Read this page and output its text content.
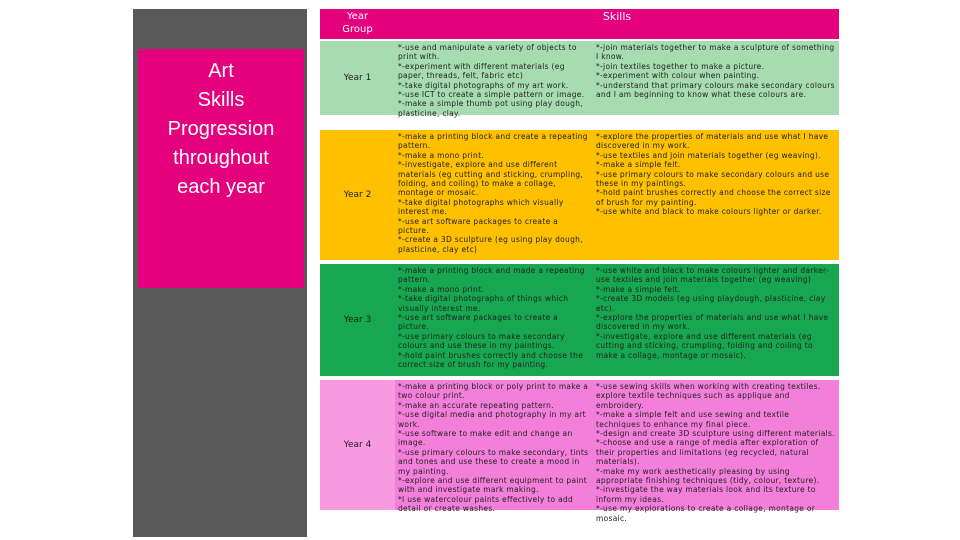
Art
Skills
Progression
throughout
each year
Year
Group
Skills
Year 1
*-use and manipulate a variety of objects to print with.
*-experiment with different materials (eg paper, threads, felt, fabric etc)
*-take digital photographs of my art work.
*-use ICT to create a simple pattern or image.
*-make a simple thumb pot using play dough, plasticine, clay.
*-join materials together to make a sculpture of something I know.
*-join textiles together to make a picture.
*-experiment with colour when painting.
*-understand that primary colours make secondary colours and I am beginning to know what these colours are.
Year 2
*-make a printing block and create a repeating pattern.
*-make a mono print.
*-investigate, explore and use different materials (eg cutting and sticking, crumpling, folding, and coiling) to make a collage, montage or mosaic.
*-take digital photographs which visually interest me.
*-use art software packages to create a picture.
*-create a 3D sculpture (eg using play dough, plasticine, clay etc)
*-explore the properties of materials and use what I have discovered in my work.
*-use textiles and join materials together (eg weaving).
*-make a simple felt.
*-use primary colours to make secondary colours and use these in my paintings.
*-hold paint brushes correctly and choose the correct size of brush for my painting.
*-use white and black to make colours lighter or darker.
Year 3
*-make a printing block and made a repeating pattern.
*-make a mono print.
*-take digital photographs of things which visually interest me.
*-use art software packages to create a picture.
*-use primary colours to make secondary colours and use these in my paintings.
*-hold paint brushes correctly and choose the correct size of brush for my painting.
*-use white and black to make colours lighter and darker-use textiles and join materials together (eg weaving)
*-make a simple felt.
*-create 3D models (eg using playdough, plasticine, clay etc).
*-explore the properties of materials and use what I have discovered in my work.
*-investigate, explore and use different materials (eg cutting and sticking, crumpling, folding and coiling to make a collage, montage or mosaic).
Year 4
*-make a printing block or poly print to make a two colour print.
*-make an accurate repeating pattern.
*-use digital media and photography in my art work.
*-use software to make edit and change an image.
*-use primary colours to make secondary, tints and tones and use these to create a mood in my painting.
*-explore and use different equipment to paint with and investigate mark making.
*I use watercolour paints effectively to add detail or create washes.
*-use sewing skills when working with creating textiles.
explore textile techniques such as applique and embroidery.
*-make a simple felt and use sewing and textile techniques to enhance my final piece.
*-design and create 3D sculpture using different materials.
*-choose and use a range of media after exploration of their properties and limitations (eg recycled, natural materials).
*-make my work aesthetically pleasing by using appropriate finishing techniques (tidy, colour, texture).
*-investigate the way materials look and its texture to inform my ideas.
*-use my explorations to create a collage, montage or mosaic.
